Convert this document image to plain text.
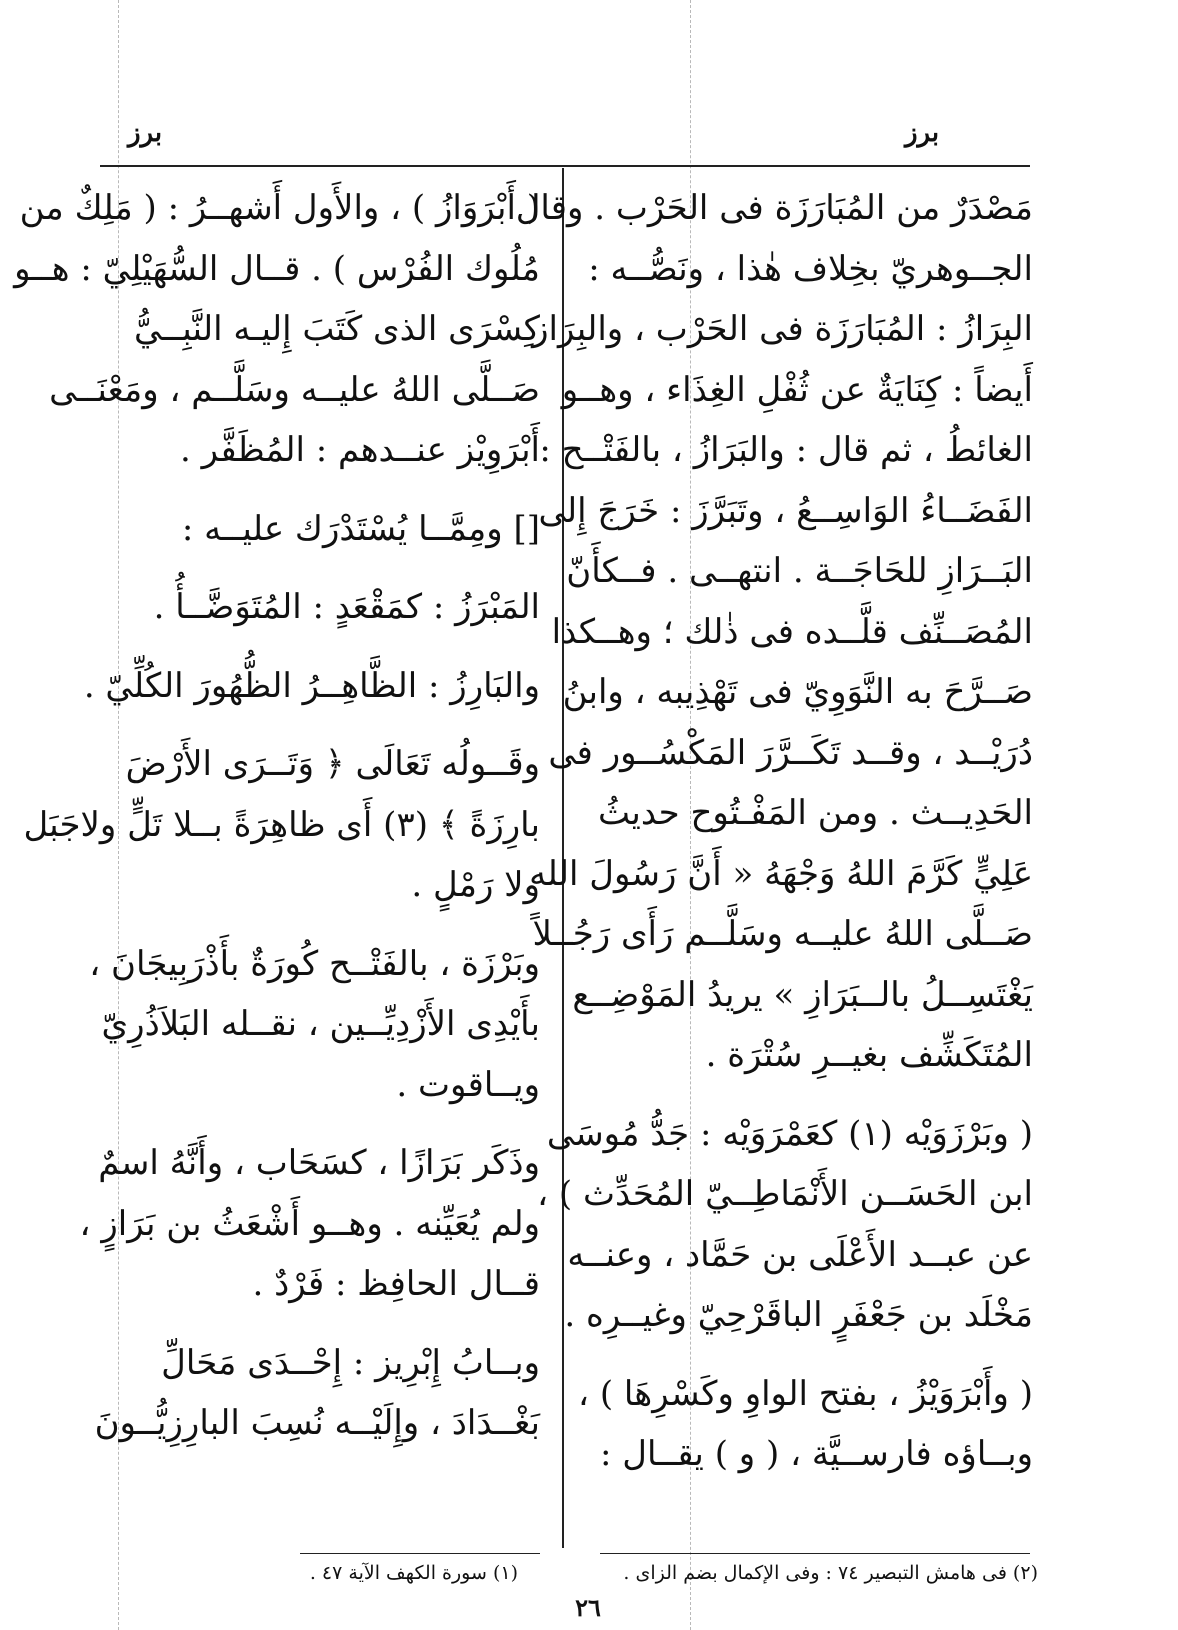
برز	برز

مَصْدَرٌ من المُبَارَزَة فى الحَرْب . وقال

الجــوهريّ بخِلاف هٰذا ، ونَصُّــه :

البِرَازُ : المُبَارَزَة فى الحَرْب ، والبِرَاز

أَيضاً : كِنَايَةٌ عن ثُفْلِ الغِذَاء ، وهــو

الغائطُ ، ثم قال : والبَرَازُ ، بالفَتْــح :

الفَضَــاءُ الوَاسِــعُ ، وتَبَرَّزَ : خَرَجَ إِلى

البَــرَازِ للحَاجَــة . انتهــى . فــكأَنّ

المُصَــنِّف قلَّــده فى ذٰلك ؛ وهــكذا

صَــرَّحَ به النَّوَوِيّ فى تَهْذِيبه ، وابنُ

دُرَيْــد ، وقــد تَكَــرَّرَ المَكْسُــور فى

الحَدِيــث . ومن المَفْـتُوح حديثُ

عَلِيٍّ كَرَّمَ اللهُ وَجْهَهُ « أَنَّ رَسُولَ الله

صَــلَّى اللهُ عليــه وسَلَّــم رَأَى رَجُــلاً

يَغْتَسِــلُ بالــبَرَازِ » يريدُ المَوْضِــع

المُتَكَشِّف بغيــرِ سُتْرَة .

( وبَرْزَوَيْه (١) كعَمْرَوَيْه : جَدُّ مُوسَى

ابن الحَسَــن الأَنْمَاطِــيّ المُحَدِّث ) ،

عن عبــد الأَعْلَى بن حَمَّاد ، وعنــه

مَخْلَد بن جَعْفَرٍ الباقَرْحِيّ وغيــرِه .

( وأَبْرَوَيْزُ ، بفتح الواوِ وكَسْرِهَا ) ،

وبــاؤه فارســيَّة ، ( و ) يقــال :

( أَبْرَوَازُ ) ، والأَول أَشهــرُ : ( مَلِكٌ من

مُلُوك الفُرْس ) . قــال السُّهَيْلِيّ : هــو

كِسْرَى الذى كَتَبَ إِليـه النَّبِــيُّ

صَــلَّى اللهُ عليــه وسَلَّــم ، ومَعْنَــى

أَبْرَوِيْز عنــدهم : المُظَفَّر .

[] ومِمَّــا يُسْتَدْرَك عليــه :

المَبْرَزُ : كمَقْعَدٍ : المُتَوَضَّــأُ .

والبَارِزُ : الظَّاهِــرُ الظُّهُورَ الكُلِّيّ .

وقَــولُه تَعَالَى ﴿ وَتَــرَى الأَرْضَ

بارِزَةً ﴾ (٣) أَى ظاهِرَةً بــلا تَلٍّ ولاجَبَل

ولا رَمْلٍ .

وبَرْزَة ، بالفَتْــح كُورَةٌ بأَذْرَبِيجَانَ ،

بأَيْدِى الأَزْدِيِّــين ، نقــله البَلاَذُرِيّ

ويــاقوت .

وذَكَر بَرَازًا ، كسَحَاب ، وأَنَّهُ اسمٌ

ولم يُعَيِّنه . وهــو أَشْعَثُ بن بَرَازٍ ،

قــال الحافِظ : فَرْدٌ .

وبــابُ إِبْرِيز : إِحْــدَى مَحَالِّ

بَغْــدَادَ ، وإِلَيْــه نُسِبَ البارِزِيُّــونَ

(٢) فى هامش التبصير ٧٤ : وفى الإكمال بضم الزاى .
(١) سورة الكهف الآية ٤٧ .
٢٦
